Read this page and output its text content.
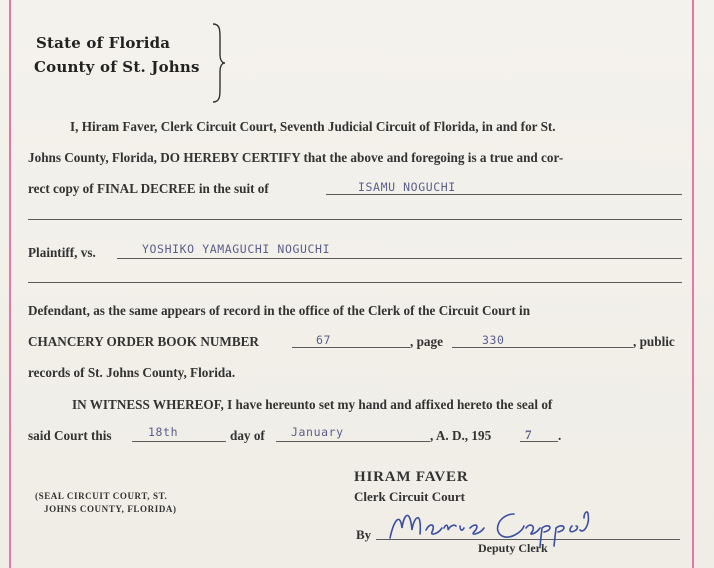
State of Florida
County of St. Johns
I, Hiram Faver, Clerk Circuit Court, Seventh Judicial Circuit of Florida, in and for St.
Johns County, Florida, DO HEREBY CERTIFY that the above and foregoing is a true and cor-
rect copy of FINAL DECREE in the suit of	ISAMU NOGUCHI
Plaintiff, vs.	YOSHIKO YAMAGUCHI NOGUCHI
Defendant, as the same appears of record in the office of the Clerk of the Circuit Court in
CHANCERY ORDER BOOK NUMBER	67	, page	330	, public
records of St. Johns County, Florida.
IN WITNESS WHEREOF, I have hereunto set my hand and affixed hereto the seal of
said Court this	18th	day of January	, A. D., 195	7 .
(SEAL CIRCUIT COURT, ST.
JOHNS COUNTY, FLORIDA)
HIRAM FAVER
Clerk Circuit Court
By
Deputy Clerk
